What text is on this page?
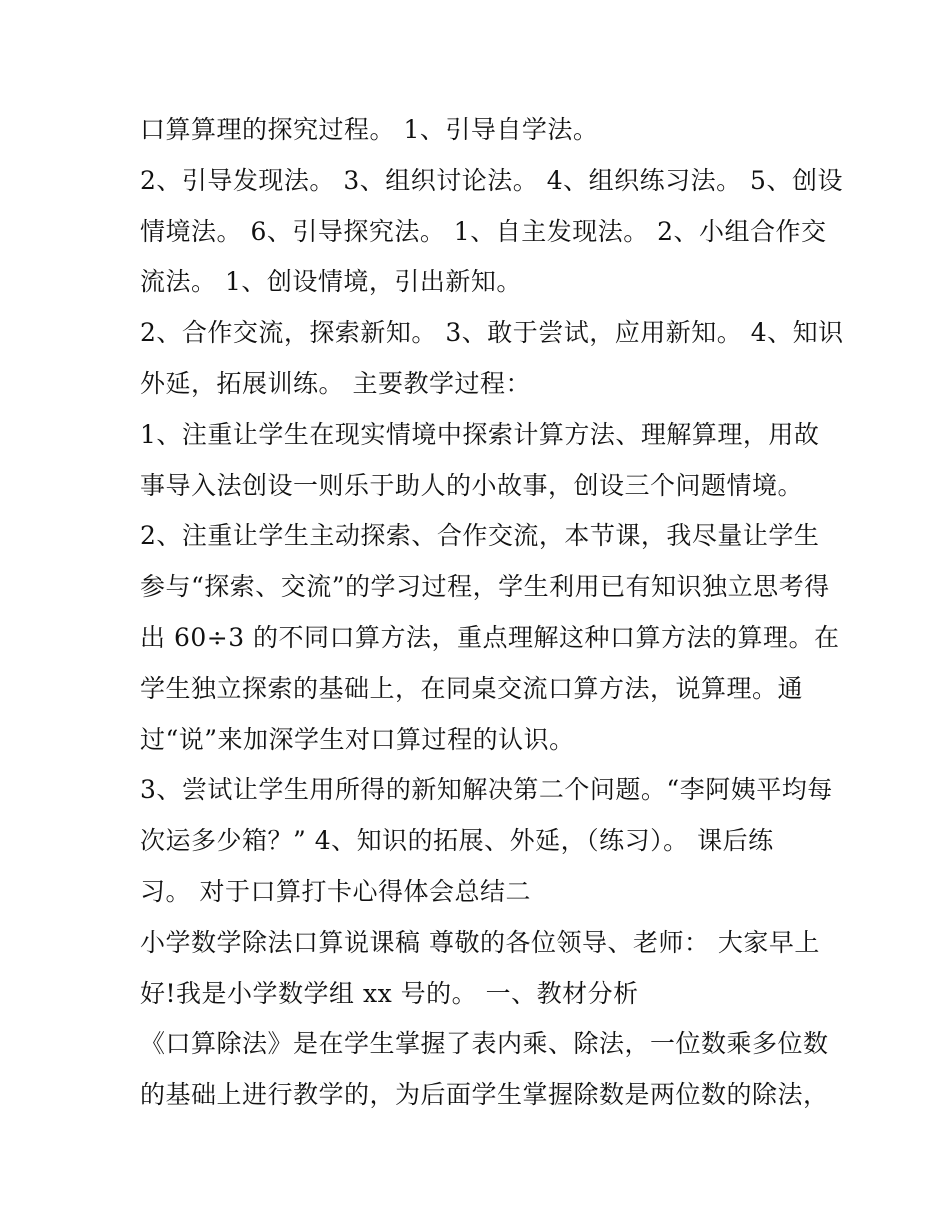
口算算理的探究过程。 1、引导自学法。
2、引导发现法。 3、组织讨论法。 4、组织练习法。 5、创设
情境法。 6、引导探究法。 1、自主发现法。 2、小组合作交
流法。 1、创设情境，引出新知。
2、合作交流，探索新知。 3、敢于尝试，应用新知。 4、知识
外延，拓展训练。 主要教学过程：
1、注重让学生在现实情境中探索计算方法、理解算理，用故
事导入法创设一则乐于助人的小故事，创设三个问题情境。
2、注重让学生主动探索、合作交流，本节课，我尽量让学生
参与“探索、交流”的学习过程，学生利用已有知识独立思考得
出 60÷3 的不同口算方法，重点理解这种口算方法的算理。在
学生独立探索的基础上，在同桌交流口算方法，说算理。通
过“说”来加深学生对口算过程的认识。
3、尝试让学生用所得的新知解决第二个问题。“李阿姨平均每
次运多少箱？” 4、知识的拓展、外延，（练习）。 课后练
习。 对于口算打卡心得体会总结二
小学数学除法口算说课稿 尊敬的各位领导、老师： 大家早上
好!我是小学数学组 xx 号的。 一、教材分析
《口算除法》是在学生掌握了表内乘、除法，一位数乘多位数
的基础上进行教学的，为后面学生掌握除数是两位数的除法，
